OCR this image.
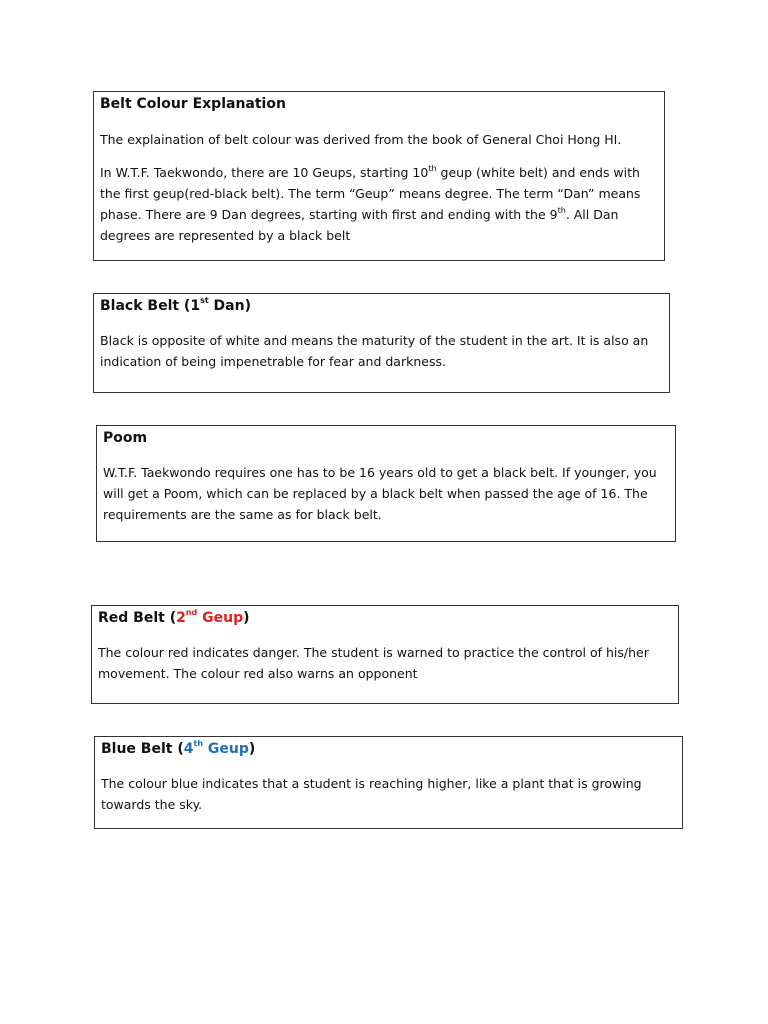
Belt Colour Explanation

The explaination of belt colour was derived from the book of General Choi Hong HI.

In W.T.F. Taekwondo, there are 10 Geups, starting 10th geup (white belt) and ends with the first geup(red-black belt). The term “Geup” means degree. The term “Dan” means phase. There are 9 Dan degrees, starting with first and ending with the 9th. All Dan degrees are represented by a black belt

Black Belt (1st Dan)

Black is opposite of white and means the maturity of the student in the art. It is also an indication of being impenetrable for fear and darkness.

Poom

W.T.F. Taekwondo requires one has to be 16 years old to get a black belt. If younger, you will get a Poom, which can be replaced by a black belt when passed the age of 16. The requirements are the same as for black belt.

Red Belt (2nd Geup)

The colour red indicates danger. The student is warned to practice the control of his/her movement. The colour red also warns an opponent

Blue Belt (4th Geup)

The colour blue indicates that a student is reaching higher, like a plant that is growing towards the sky.
